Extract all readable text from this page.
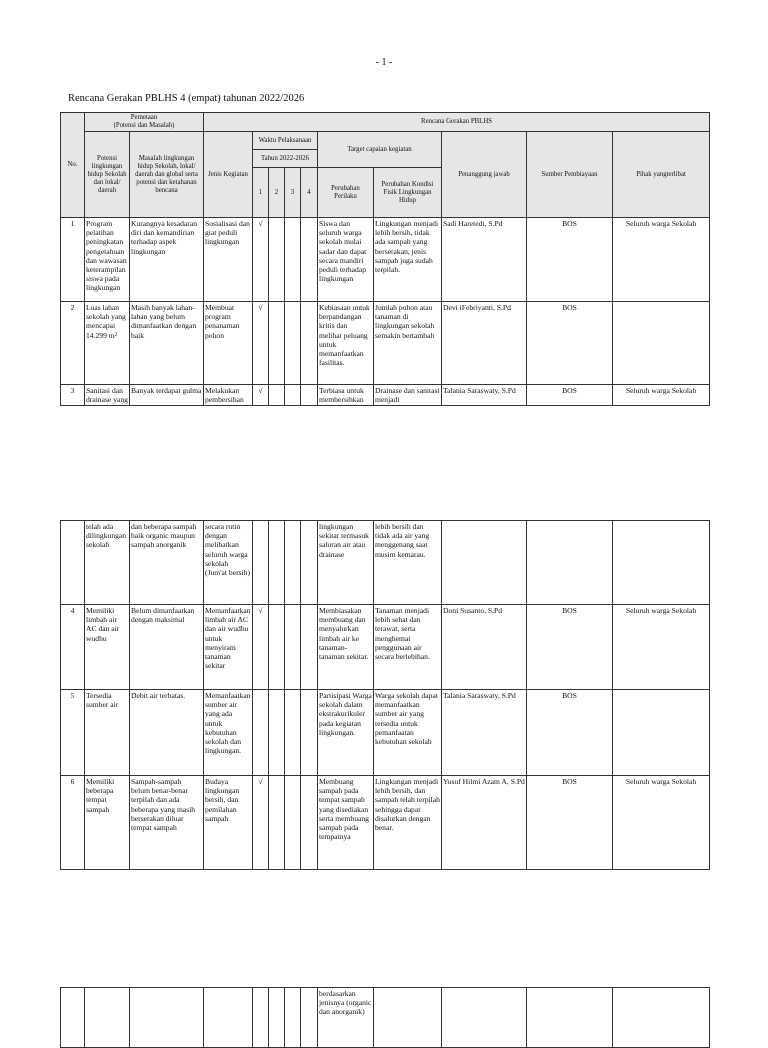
- 1 -
Rencana Gerakan PBLHS 4 (empat) tahunan 2022/2026
No.	Pemetaan
(Potensi dan Masalah)		Rencana Gerakan PBLHS									
	Potensi lingkungan hidup Sekolah dan lokal/ daerah	Masalah lingkungan hidup Sekolah, lokal/ daerah dan global serta potensi dan ketahanan bencana	Jenis Kegiatan	Waktu Pelaksanaan				Target capaian kegiatan		Penanggung jawab	Sumber Pembiayaan	Pihak yangterlibat
				Tahun 2022-2026								
				1	2	3	4	Perubahan Perilaku	Perubahan Kondisi Fisik Lingkungan Hidup			
1	Program pelatihan peningkatan pengetahuan dan wawasan keterampilan siswa pada lingkungan	Kurangnya kesadaran diri dan kemandirian terhadap aspek lingkungan	Sosialisasi dan giat peduli lingkungan	√				Siswa dan seluruh warga sekolah mulai sadar dan dapat secara mandiri peduli terhadap lingkungan	Lingkungan menjadi lebih bersih, tidak ada sampah yang berserakan, jenis sampah juga sudah terpilah.	Sadi Haretedi, S.Pd	BOS	Seluruh warga Sekolah
2	Luas lahan sekolah yang mencapai 14.299 m²	Masih banyak lahan-lahan yang belum dimanfaatkan dengan baik	Membuat program penanaman pohon	√				Kebiasaan untuk berpandangan kritis dan melihat peluang untuk memanfaatkan fasilitas.	Jumlah pohon atau tanaman di lingkungan sekolah semakin bertambah	Devi iFebriyanti, S.Pd	BOS	
3	Sanitasi dan drainase yang	Banyak terdapat gulma	Melakukan pembersihan	√				Terbiasa untuk membersihkan	Drainase dan sanitasi menjadi	Talania Saraswaty, S.Pd	BOS	Seluruh warga Sekolah
	telah ada dilingkungan sekolah	dan beberapa sampah baik organic maupun sampah anorganik	secara rutin dengan melibatkan seluruh warga sekolah (Jum'at bersih)					lingkungan sekitar termasuk saluran air atau drainase	lebih bersih dan tidak ada air yang menggenang saat musim kemarau.			
4	Memiliki limbah air AC dan air wudhu	Belum dimanfaatkan dengan maksimal	Memanfaatkan limbah air AC dan air wudhu untuk menyiram tanaman sekitar	√				Membiasakan membuang dan menyalurkan limbah air ke tanaman-tanaman sekitar.	Tanaman menjadi lebih sehat dan terawat, serta menghemat penggunaan air secara berlebihan.	Doni Susanto, S.Pd	BOS	Seluruh warga Sekolah
5	Tersedia sumber air	Debit air terbatas.	Memanfaatkan sumber air yang ada untuk kebutuhan sekolah dan lingkungan.					Partisipasi Warga sekolah dalam ekstrakurikuler pada kegiatan lingkungan.	Warga sekolah dapat memanfaatkan sumber air yang tersedia untuk pemanfaatan kebutuhan sekolah	Talania Saraswaty, S.Pd	BOS	
6	Memiliki beberapa tempat sampah	Sampah-sampah belum benar-benar terpilah dan ada beberapa yang masih berserakan diluar tempat sampah	Budaya lingkungan bersih, dan pemilahan sampah	√				Membuang sampah pada tempat sampah yang disediakan serta membuang sampah pada tempatnya	Lingkungan menjadi lebih bersih, dan sampah telah terpilah sehingga dapat disalurkan dengan benar.	Yusuf Hilmi Azam A, S.Pd	BOS	Seluruh warga Sekolah
								berdasarkan jenisnya (organic dan anorganik)				
